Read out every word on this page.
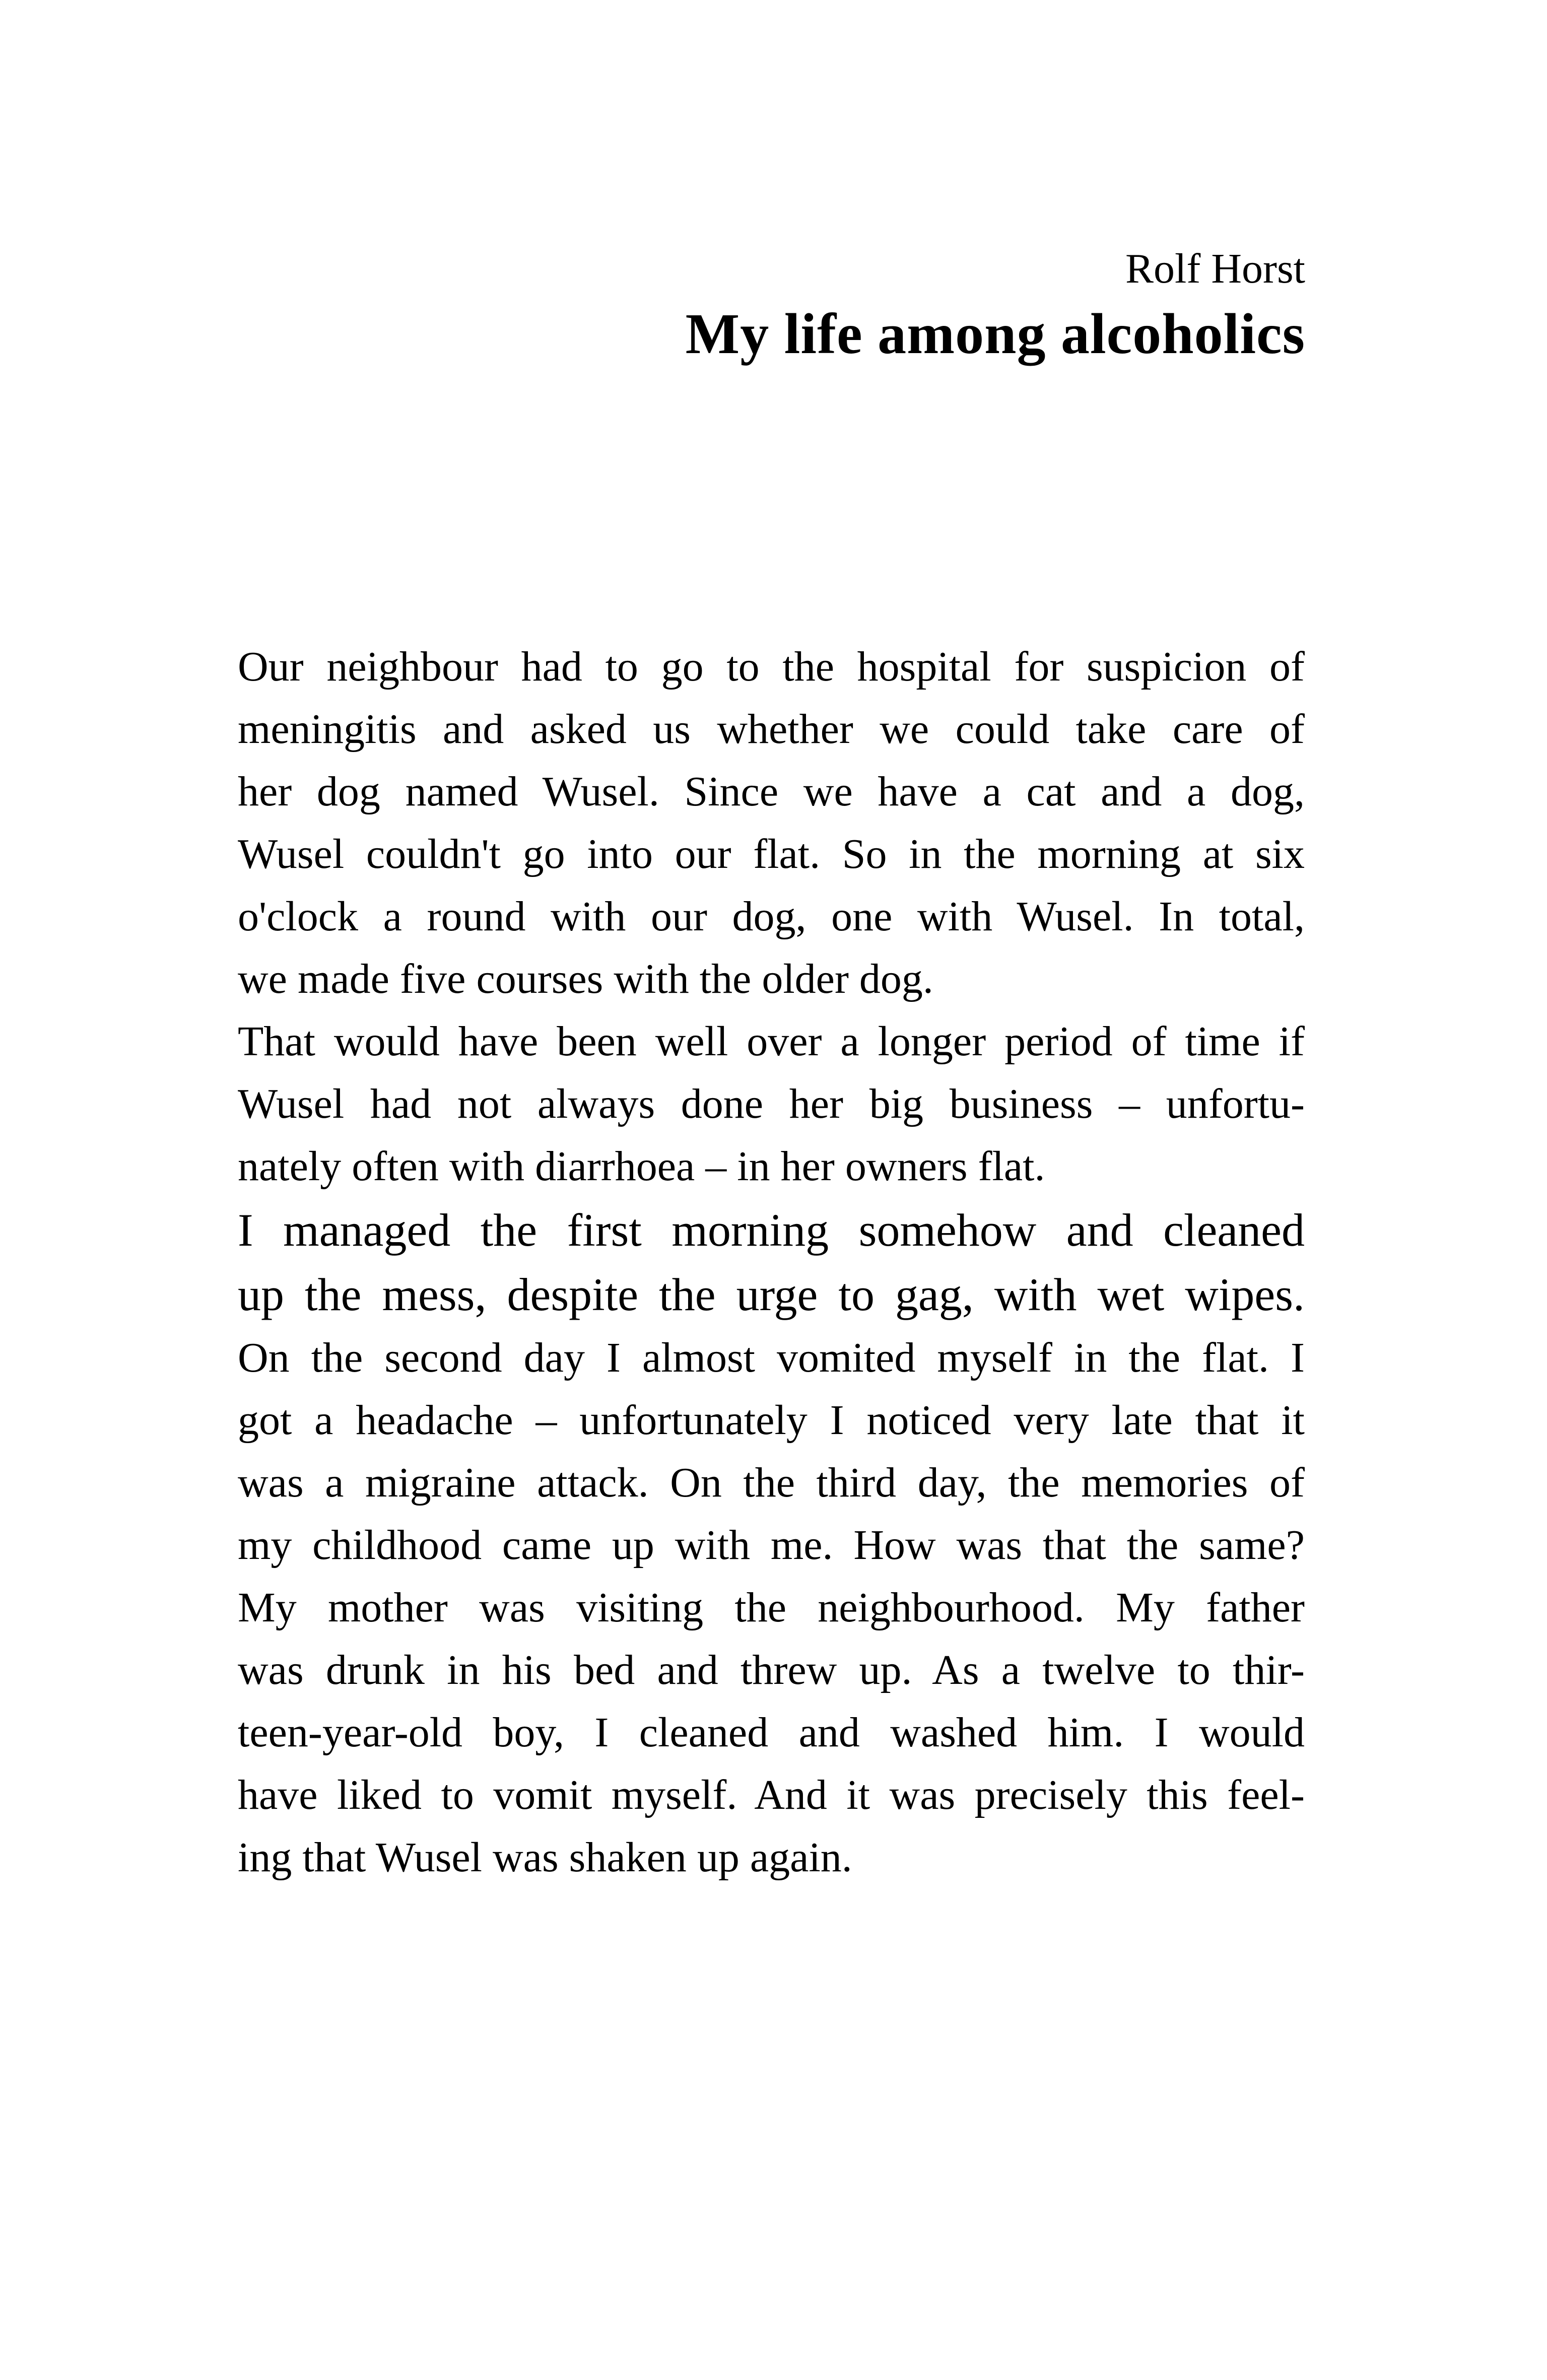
Rolf Horst
My life among alcoholics
Our neighbour had to go to the hospital for suspicion of
meningitis and asked us whether we could take care of
her dog named Wusel. Since we have a cat and a dog,
Wusel couldn't go into our flat. So in the morning at six
o'clock a round with our dog, one with Wusel. In total,
we made five courses with the older dog.
That would have been well over a longer period of time if
Wusel had not always done her big business – unfortu-
nately often with diarrhoea – in her owners flat.
I managed the first morning somehow and cleaned
up the mess, despite the urge to gag, with wet wipes.
On the second day I almost vomited myself in the flat. I
got a headache – unfortunately I noticed very late that it
was a migraine attack. On the third day, the memories of
my childhood came up with me. How was that the same?
My mother was visiting the neighbourhood. My father
was drunk in his bed and threw up. As a twelve to thir-
teen-year-old boy, I cleaned and washed him. I would
have liked to vomit myself. And it was precisely this feel-
ing that Wusel was shaken up again.
